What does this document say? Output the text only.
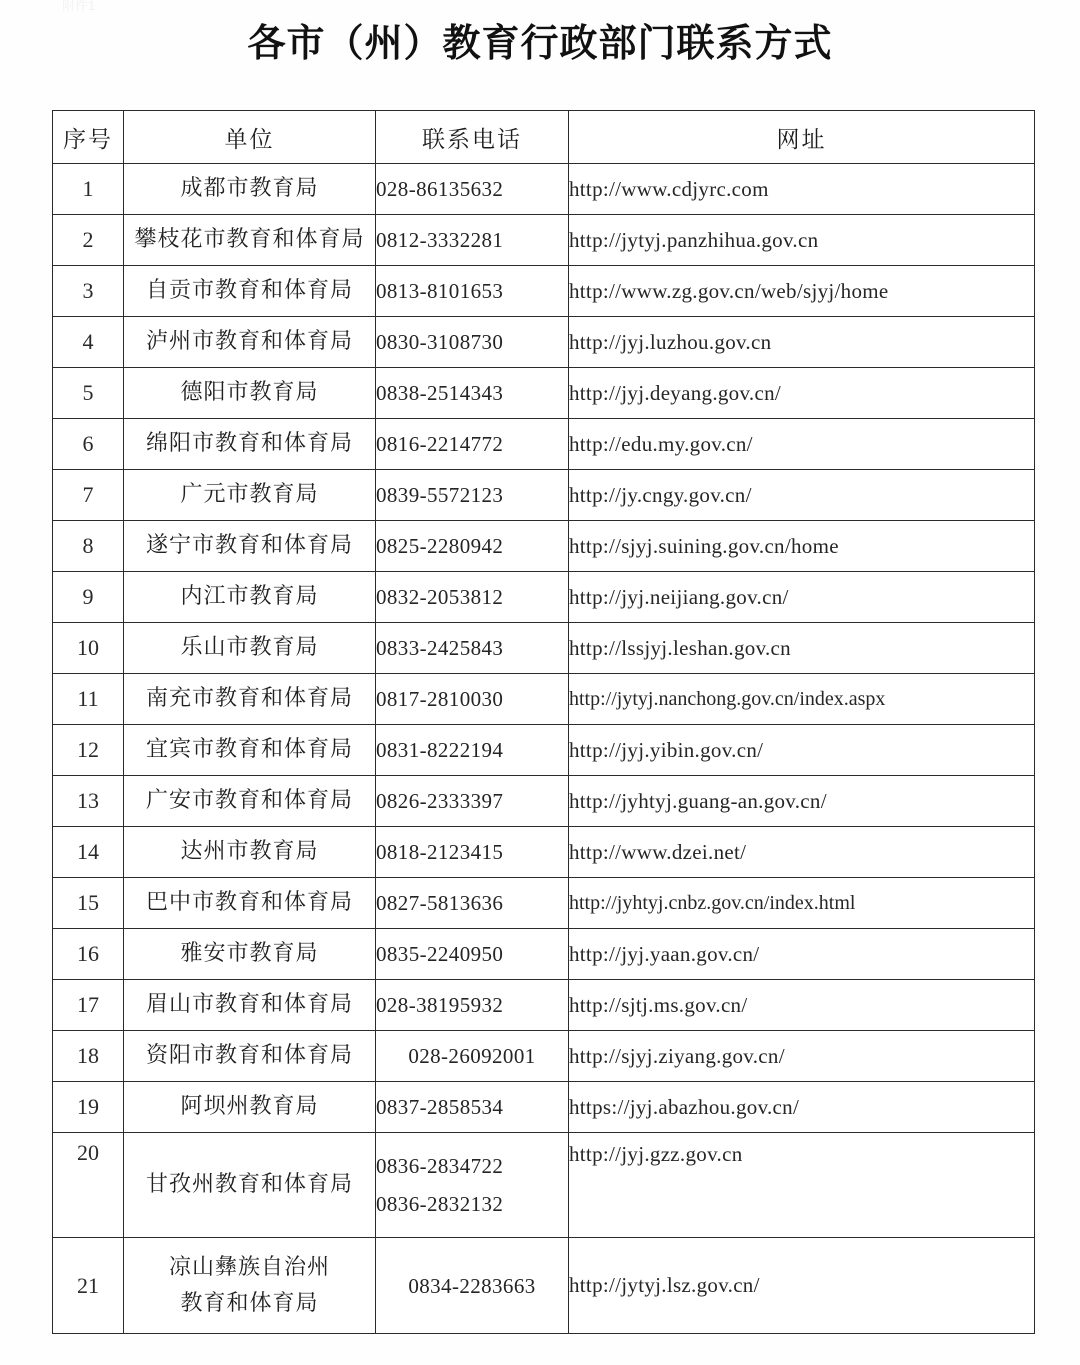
附件1
各市（州）教育行政部门联系方式
序号	单位	联系电话	网址
1	成都市教育局	028-86135632	http://www.cdjyrc.com
2	攀枝花市教育和体育局	0812-3332281	http://jytyj.panzhihua.gov.cn
3	自贡市教育和体育局	0813-8101653	http://www.zg.gov.cn/web/sjyj/home
4	泸州市教育和体育局	0830-3108730	http://jyj.luzhou.gov.cn
5	德阳市教育局	0838-2514343	http://jyj.deyang.gov.cn/
6	绵阳市教育和体育局	0816-2214772	http://edu.my.gov.cn/
7	广元市教育局	0839-5572123	http://jy.cngy.gov.cn/
8	遂宁市教育和体育局	0825-2280942	http://sjyj.suining.gov.cn/home
9	内江市教育局	0832-2053812	http://jyj.neijiang.gov.cn/
10	乐山市教育局	0833-2425843	http://lssjyj.leshan.gov.cn
11	南充市教育和体育局	0817-2810030	http://jytyj.nanchong.gov.cn/index.aspx
12	宜宾市教育和体育局	0831-8222194	http://jyj.yibin.gov.cn/
13	广安市教育和体育局	0826-2333397	http://jyhtyj.guang-an.gov.cn/
14	达州市教育局	0818-2123415	http://www.dzei.net/
15	巴中市教育和体育局	0827-5813636	http://jyhtyj.cnbz.gov.cn/index.html
16	雅安市教育局	0835-2240950	http://jyj.yaan.gov.cn/
17	眉山市教育和体育局	028-38195932	http://sjtj.ms.gov.cn/
18	资阳市教育和体育局	028-26092001	http://sjyj.ziyang.gov.cn/
19	阿坝州教育局	0837-2858534	https://jyj.abazhou.gov.cn/
20	甘孜州教育和体育局	0836-2834722
0836-2832132	http://jyj.gzz.gov.cn
21	凉山彝族自治州
教育和体育局	0834-2283663	http://jytyj.lsz.gov.cn/
